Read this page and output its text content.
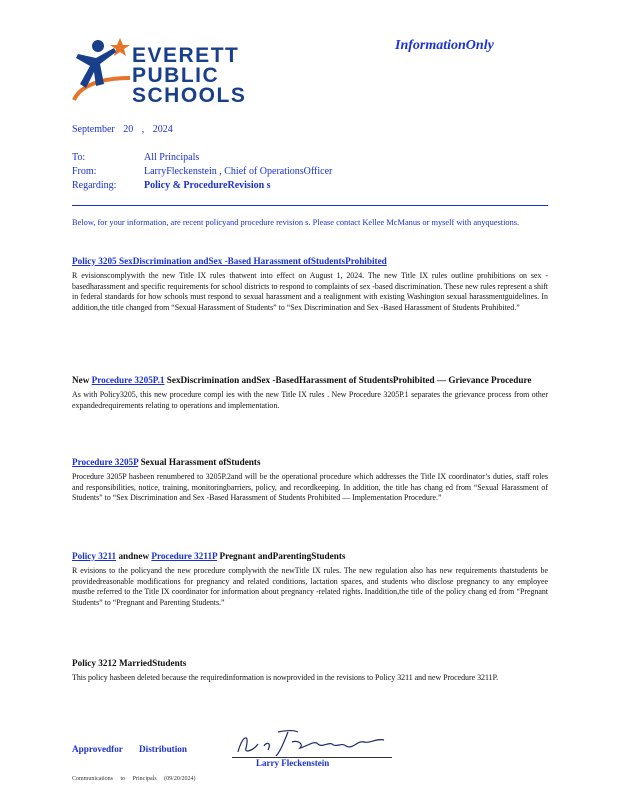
EVERETT
PUBLIC
SCHOOLS
InformationOnly
September 20 , 2024
To:	All Principals
From:	LarryFleckenstein , Chief of OperationsOfficer
Regarding:	Policy & ProcedureRevision s
Below, for your information, are recent policyand procedure revision s. Please contact Kellee McManus or myself with anyquestions.
Policy 3205 SexDiscrimination andSex -Based Harassment ofStudentsProhibited
R evisionscomplywith the new Title IX rules thatwent into effect on August 1, 2024. The new Title IX rules outline prohibitions on sex -basedharassment and specific requirements for school districts to respond to complaints of sex -based discrimination. These new rules represent a shift in federal standards for how schools must respond to sexual harassment and a realignment with existing Washington sexual harassmentguidelines. In addition,the title changed from “Sexual Harassment of Students” to “Sex Discrimination and Sex -Based Harassment of Students Prohibited.”
New Procedure 3205P.1 SexDiscrimination andSex -BasedHarassment of StudentsProhibited — Grievance Procedure
As with Policy3205, this new procedure compl ies with the new Title IX rules . New Procedure 3205P.1 separates the grievance process from other expandedrequirements relating to operations and implementation.
Procedure 3205P Sexual Harassment ofStudents
Procedure 3205P hasbeen renumbered to 3205P.2and will be the operational procedure which addresses the Title IX coordinator’s duties, staff roles and responsibilities, notice, training, monitoringbarriers, policy, and recordkeeping. In addition, the title has chang ed from “Sexual Harassment of Students” to “Sex Discrimination and Sex -Based Harassment of Students Prohibited — Implementation Procedure.”
Policy 3211 andnew Procedure 3211P Pregnant andParentingStudents
R evisions to the policyand the new procedure complywith the newTitle IX rules. The new regulation also has new requirements thatstudents be providedreasonable modifications for pregnancy and related conditions, lactation spaces, and students who disclose pregnancy to any employee mustbe referred to the Title IX coordinator for information about pregnancy -related rights. Inaddition,the title of the policy chang ed from “Pregnant Students” to “Pregnant and Parenting Students.”
Policy 3212 MarriedStudents
This policy hasbeen deleted because the requiredinformation is nowprovided in the revisions to Policy 3211 and new Procedure 3211P.
Approvedfor Distribution
Larry Fleckenstein
Communications to Principals (09/20/2024)
